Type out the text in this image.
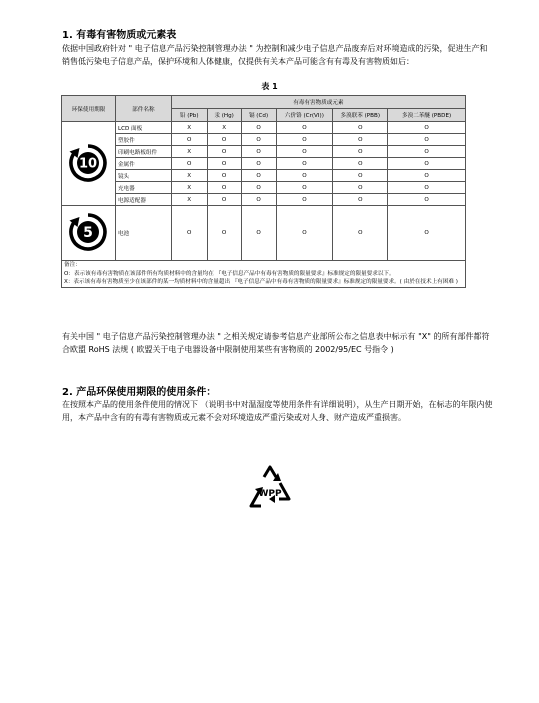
1. 有毒有害物质或元素表
依据中国政府针对 " 电子信息产品污染控制管理办法 " 为控制和减少电子信息产品废弃后对环境造成的污染，促进生产和销售低污染电子信息产品，保护环境和人体健康，仅提供有关本产品可能含有有毒及有害物质如后：
表 1
环保使用期限	部件名称	有毒有害物质或元素					
		铅 (Pb)	汞 (Hg)	镉 (Cd)	六价铬 (Cr(VI))	多溴联苯 (PBB)	多溴二苯醚 (PBDE)

10	LCD 面板	X	X	O	O	O	O
	塑胶件	O	O	O	O	O	O
	印刷电路板组件	X	O	O	O	O	O
	金属件	O	O	O	O	O	O
	镜头	X	O	O	O	O	O
	充电器	X	O	O	O	O	O
	电源适配器	X	O	O	O	O	O

5	电池	O	O	O	O	O	O

备注：
O：表示该有毒有害物质在该部件所有均质材料中的含量均在 『电子信息产品中有毒有害物质的限量要求』标准规定的限量要求以下。
X：表示该有毒有害物质至少在该部件的某一均质材料中的含量超出 『电子信息产品中有毒有害物质的限量要求』标准规定的限量要求。( 由於在技术上有困难 )							
有关中国 " 电子信息产品污染控制管理办法 " 之相关规定请参考信息产业部所公布之信息表中标示有 "X" 的所有部件都符合欧盟 RoHS 法规 ( 欧盟关于电子电器设备中限制使用某些有害物质的 2002/95/EC 号指令 )
2. 产品环保使用期限的使用条件：
在按照本产品的使用条件使用的情况下 （说明书中对温湿度等使用条件有详细说明），从生产日期开始，在标志的年限内使用，本产品中含有的有毒有害物质或元素不会对环境造成严重污染或对人身、财产造成严重损害。
WPP
